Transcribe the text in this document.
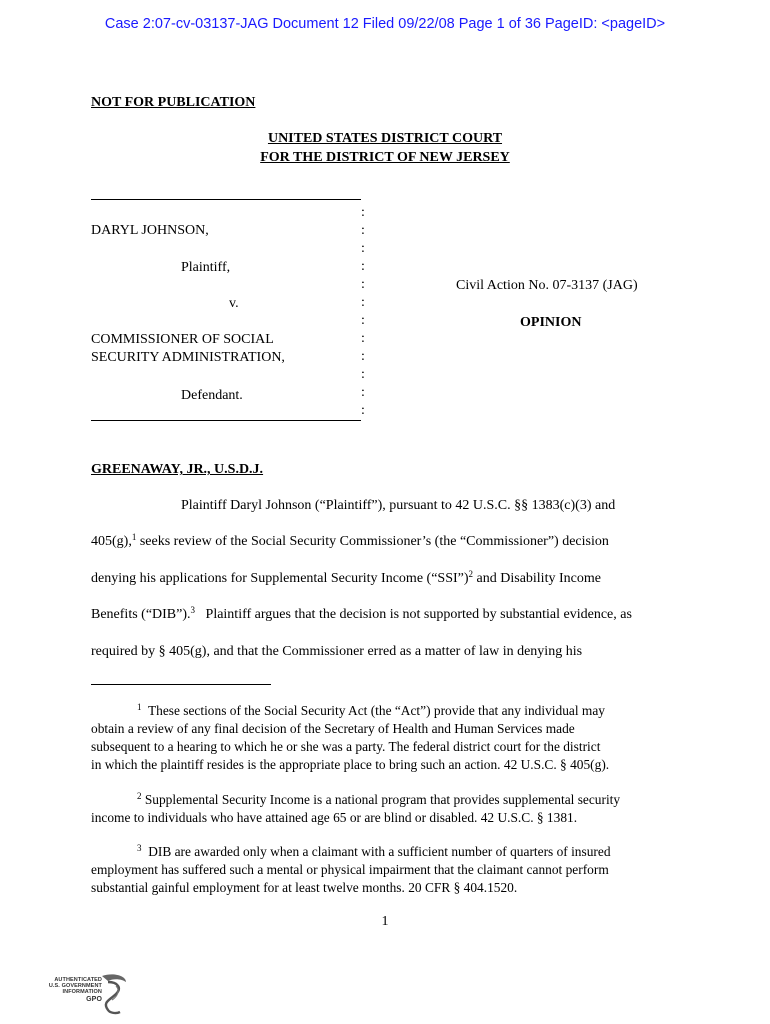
Case 2:07-cv-03137-JAG Document 12 Filed 09/22/08 Page 1 of 36 PageID: <pageID>
NOT FOR PUBLICATION
UNITED STATES DISTRICT COURT
FOR THE DISTRICT OF NEW JERSEY
DARYL JOHNSON,
Plaintiff,
v.
COMMISSIONER OF SOCIAL
SECURITY ADMINISTRATION,
Defendant.
:
:
:
:
:
:
:
:
:
:
:
:
Civil Action No. 07-3137 (JAG)
OPINION
GREENAWAY, JR., U.S.D.J.
Plaintiff Daryl Johnson (“Plaintiff”), pursuant to 42 U.S.C. §§ 1383(c)(3) and
405(g),$^1$ seeks review of the Social Security Commissioner’s (the “Commissioner”) decision
denying his applications for Supplemental Security Income (“SSI”)$^2$ and Disability Income
Benefits (“DIB”).$^3$   Plaintiff argues that the decision is not supported by substantial evidence, as
required by § 405(g), and that the Commissioner erred as a matter of law in denying his
$^1$  These sections of the Social Security Act (the “Act”) provide that any individual may
obtain a review of any final decision of the Secretary of Health and Human Services made
subsequent to a hearing to which he or she was a party. The federal district court for the district
in which the plaintiff resides is the appropriate place to bring such an action. 42 U.S.C. § 405(g).
$^2$ Supplemental Security Income is a national program that provides supplemental security
income to individuals who have attained age 65 or are blind or disabled. 42 U.S.C. § 1381.
$^3$  DIB are awarded only when a claimant with a sufficient number of quarters of insured
employment has suffered such a mental or physical impairment that the claimant cannot perform
substantial gainful employment for at least twelve months. 20 CFR § 404.1520.
1
AUTHENTICATED
U.S. GOVERNMENT
INFORMATION
GPO
